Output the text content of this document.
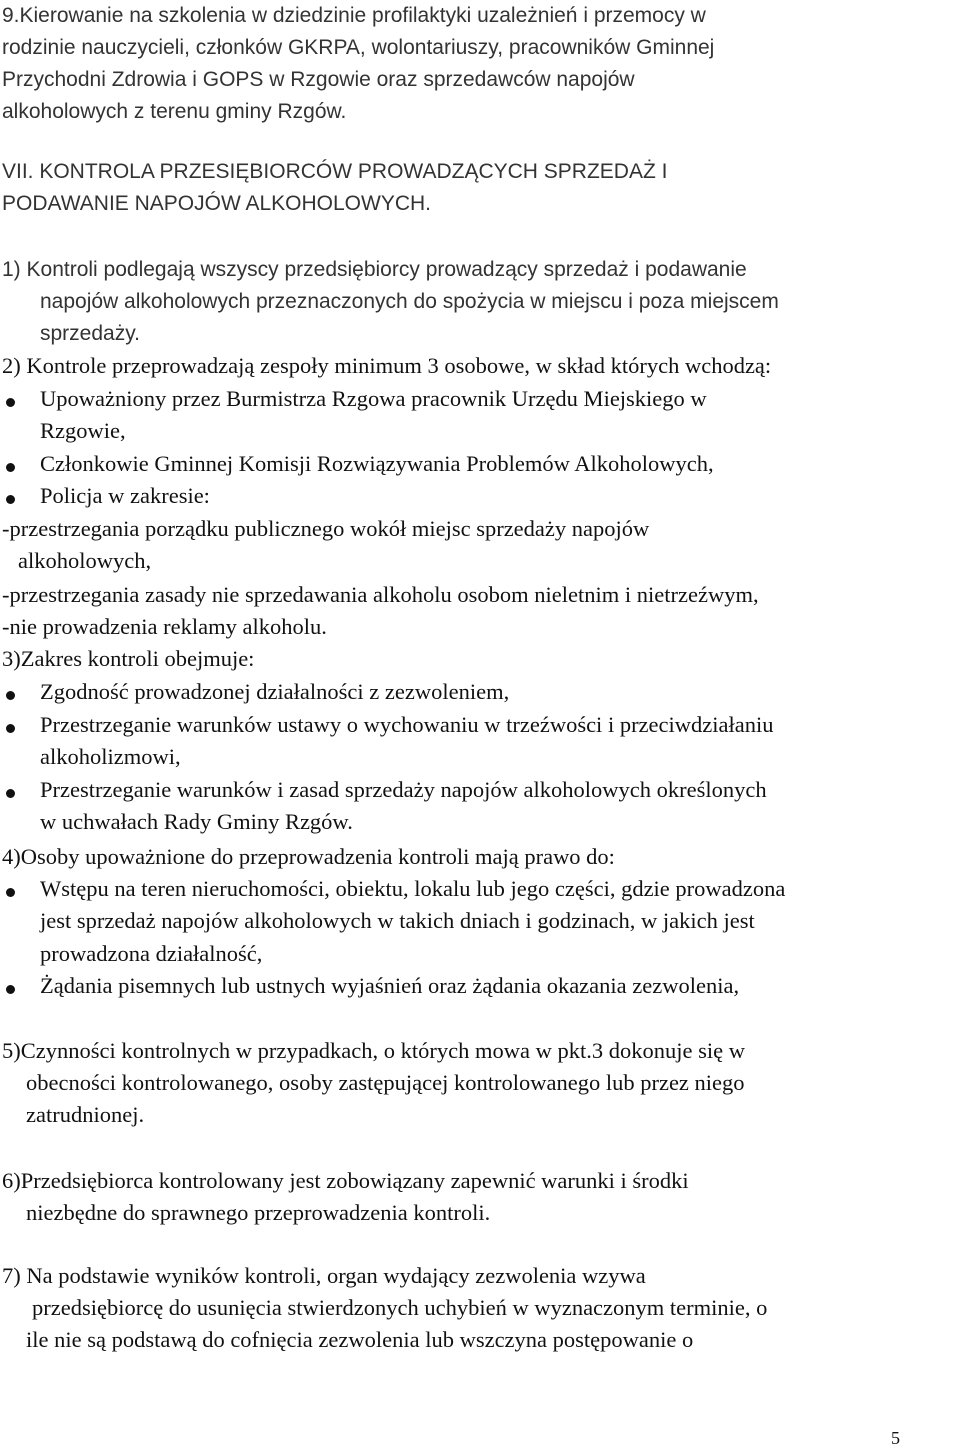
9.Kierowanie na szkolenia w dziedzinie profilaktyki uzależnień i przemocy w

rodzinie nauczycieli, członków GKRPA, wolontariuszy, pracowników Gminnej

Przychodni Zdrowia i GOPS w Rzgowie oraz sprzedawców napojów

alkoholowych z terenu gminy Rzgów.

VII. KONTROLA PRZESIĘBIORCÓW PROWADZĄCYCH SPRZEDAŻ I

PODAWANIE NAPOJÓW ALKOHOLOWYCH.

1) Kontroli podlegają wszyscy przedsiębiorcy prowadzący sprzedaż i podawanie

napojów alkoholowych przeznaczonych do spożycia w miejscu i poza miejscem

sprzedaży.

2) Kontrole przeprowadzają zespoły minimum 3 osobowe, w skład których wchodzą:

Upoważniony przez Burmistrza Rzgowa pracownik Urzędu Miejskiego w

Rzgowie,

Członkowie Gminnej Komisji Rozwiązywania Problemów Alkoholowych,

Policja w zakresie:

-przestrzegania porządku publicznego wokół miejsc sprzedaży napojów

alkoholowych,

-przestrzegania zasady nie sprzedawania alkoholu osobom nieletnim i nietrzeźwym,

-nie prowadzenia reklamy alkoholu.

3)Zakres kontroli obejmuje:

Zgodność prowadzonej działalności z zezwoleniem,

Przestrzeganie warunków ustawy o wychowaniu w trzeźwości i przeciwdziałaniu

alkoholizmowi,

Przestrzeganie warunków i zasad sprzedaży napojów alkoholowych określonych

w uchwałach Rady Gminy Rzgów.

4)Osoby upoważnione do przeprowadzenia kontroli mają prawo do:

Wstępu na teren nieruchomości, obiektu, lokalu lub jego części, gdzie prowadzona

jest sprzedaż napojów alkoholowych w takich dniach i godzinach, w jakich jest

prowadzona działalność,

Żądania pisemnych lub ustnych wyjaśnień oraz żądania okazania zezwolenia,

5)Czynności kontrolnych w przypadkach, o których mowa w pkt.3 dokonuje się w

obecności kontrolowanego, osoby zastępującej kontrolowanego lub przez niego

zatrudnionej.

6)Przedsiębiorca kontrolowany jest zobowiązany zapewnić warunki i środki

niezbędne do sprawnego przeprowadzenia kontroli.

7) Na podstawie wyników kontroli, organ wydający zezwolenia wzywa

przedsiębiorcę do usunięcia stwierdzonych uchybień w wyznaczonym terminie, o

ile nie są podstawą do cofnięcia zezwolenia lub wszczyna postępowanie o

5
